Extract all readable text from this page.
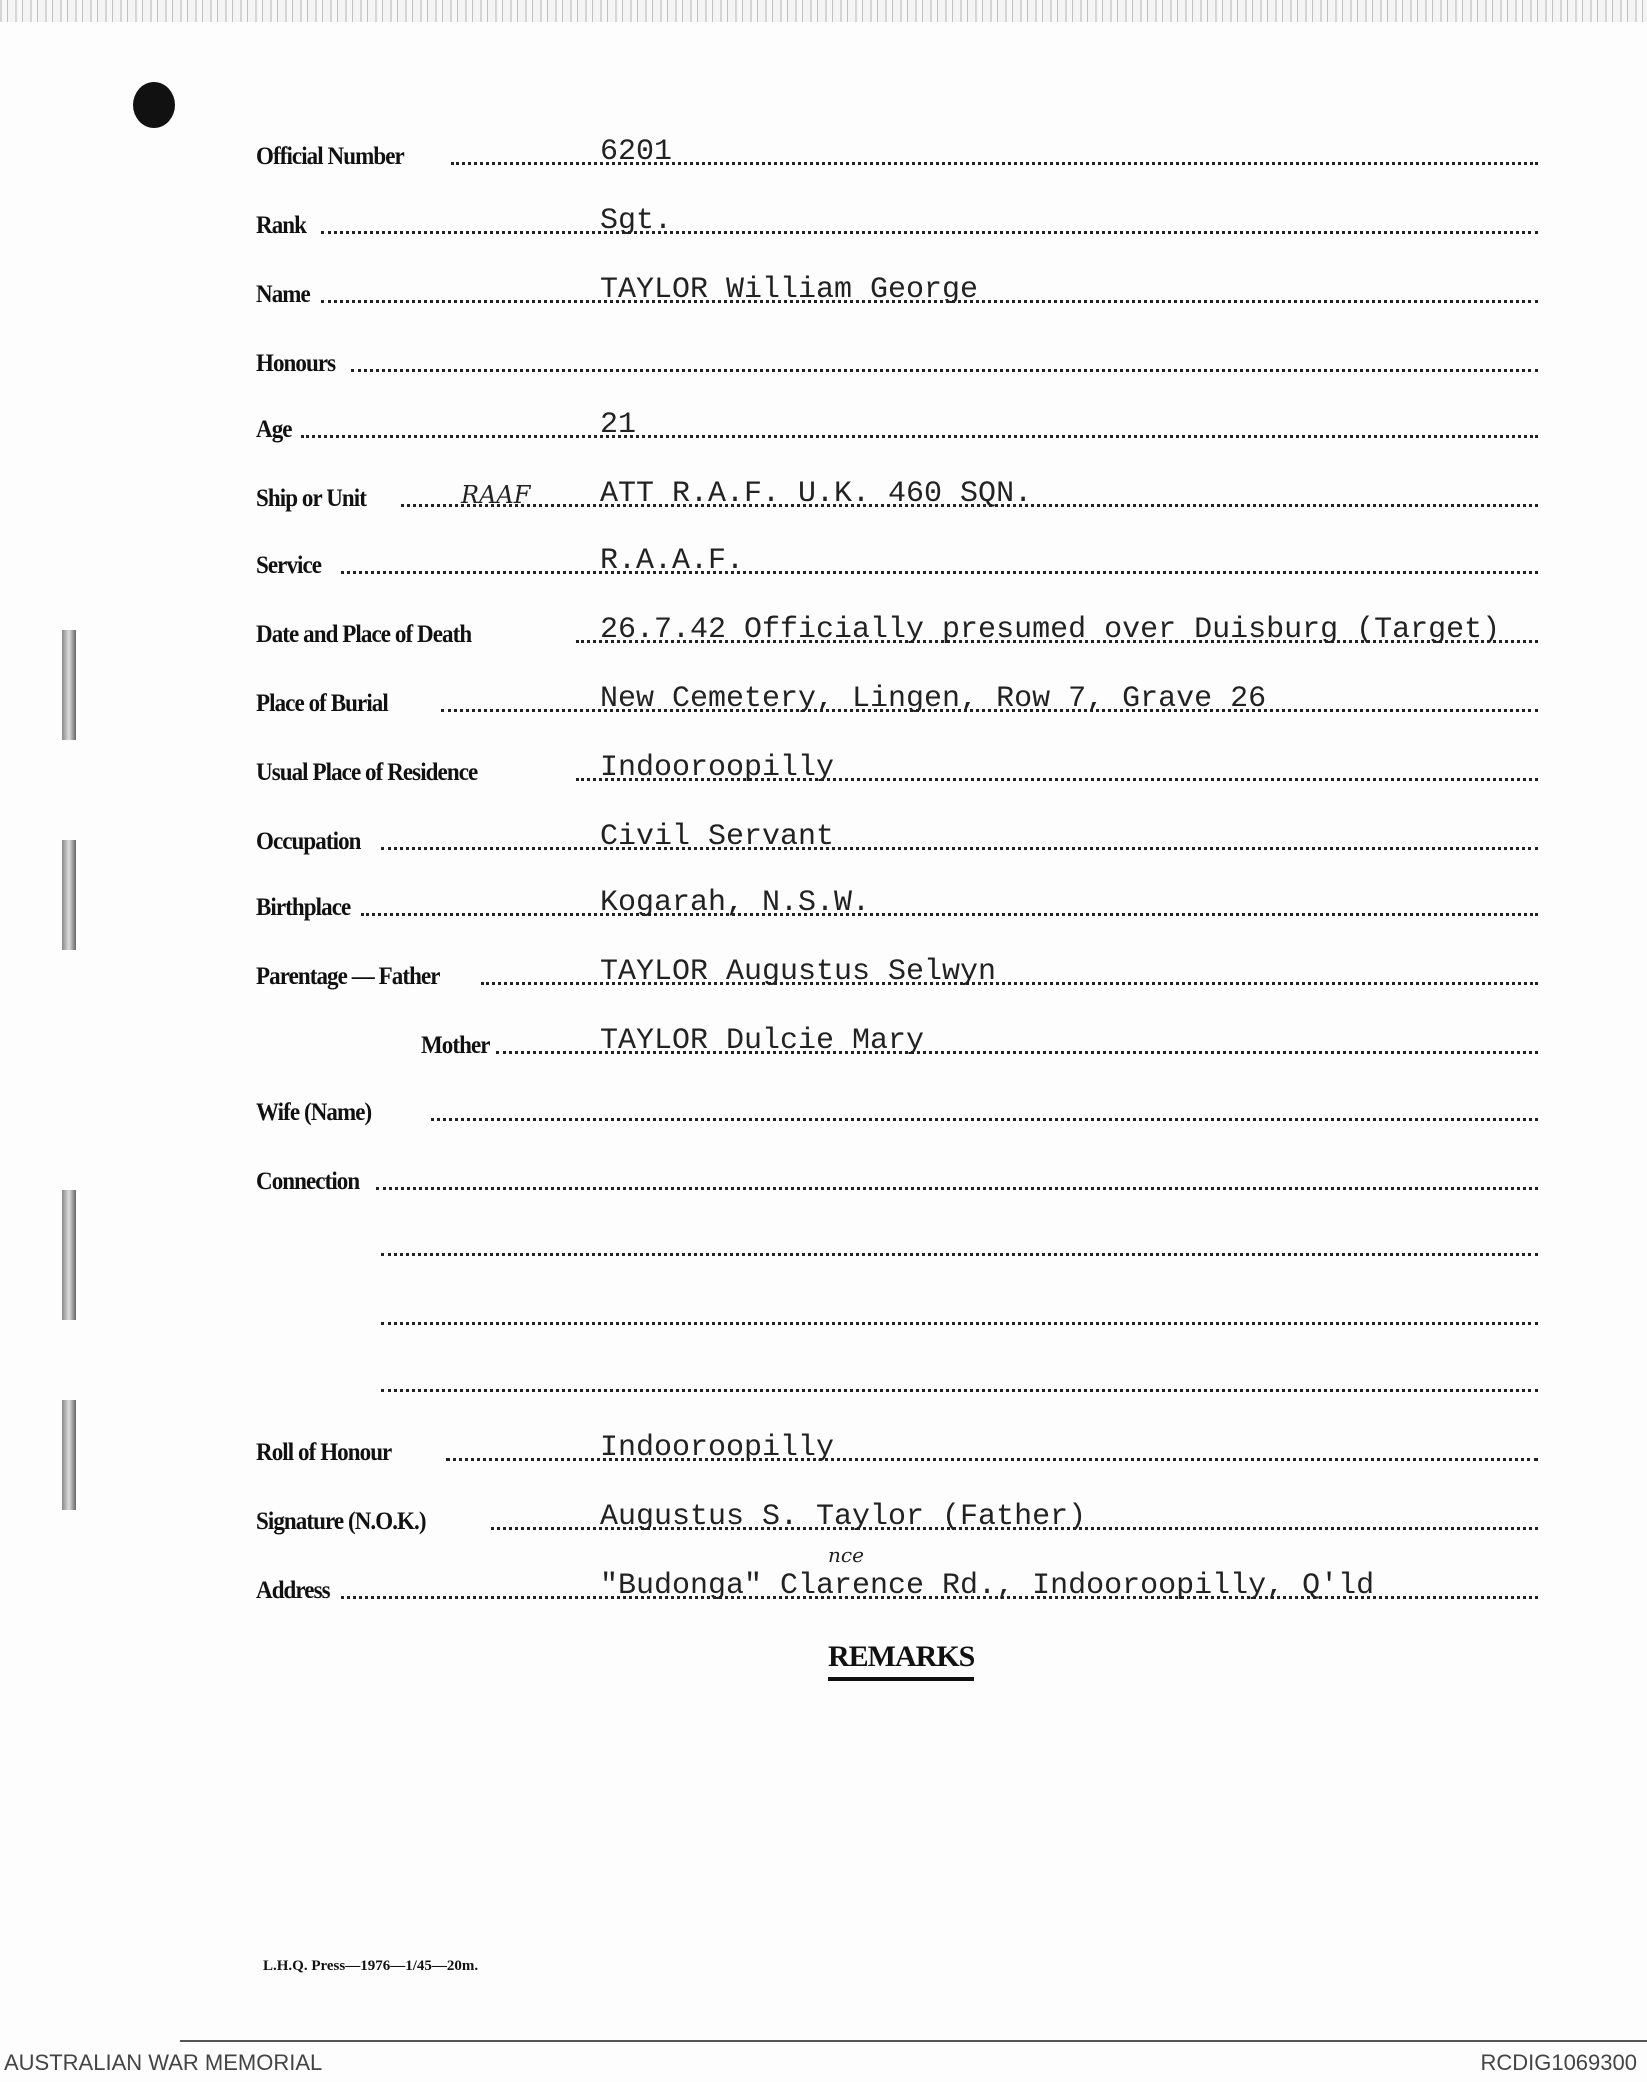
Official Number	6201
Rank	Sgt.
Name	TAYLOR William George
Honours
Age	21
Ship or Unit	ATT R.A.F. U.K. 460 SQN.
RAAF
Service	R.A.A.F.
Date and Place of Death	26.7.42 Officially presumed over Duisburg (Target)
Place of Burial	New Cemetery, Lingen, Row 7, Grave 26
Usual Place of Residence	Indooroopilly
Occupation	Civil Servant
Birthplace	Kogarah, N.S.W.
Parentage — Father	TAYLOR Augustus Selwyn
Mother	TAYLOR Dulcie Mary
Wife (Name)
Connection
Roll of Honour	Indooroopilly
Signature (N.O.K.)	Augustus S. Taylor (Father)
Address	"Budonga" Clarence Rd., Indooroopilly, Q'ld
nce
REMARKS
L.H.Q. Press—1976—1/45—20m.
AUSTRALIAN WAR MEMORIAL	RCDIG1069300
